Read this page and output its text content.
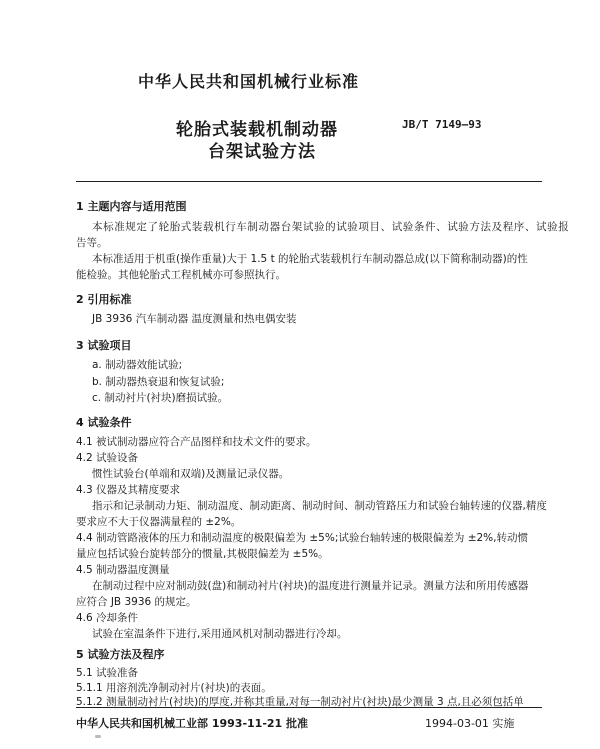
中华人民共和国机械行业标准
轮胎式装载机制动器
台架试验方法
JB/T 7149—93
1 主题内容与适用范围
本标准规定了轮胎式装载机行车制动器台架试验的试验项目、试验条件、试验方法及程序、试验报
告等。
本标准适用于机重(操作重量)大于 1.5 t 的轮胎式装载机行车制动器总成(以下简称制动器)的性
能检验。其他轮胎式工程机械亦可参照执行。
2 引用标准
JB 3936 汽车制动器 温度测量和热电偶安装
3 试验项目
a. 制动器效能试验;
b. 制动器热衰退和恢复试验;
c. 制动衬片(衬块)磨损试验。
4 试验条件
4.1 被试制动器应符合产品图样和技术文件的要求。
4.2 试验设备
惯性试验台(单端和双端)及测量记录仪器。
4.3 仪器及其精度要求
指示和记录制动力矩、制动温度、制动距离、制动时间、制动管路压力和试验台轴转速的仪器,精度
要求应不大于仪器满量程的 ±2%。
4.4 制动管路液体的压力和制动温度的极限偏差为 ±5%;试验台轴转速的极限偏差为 ±2%,转动惯
量应包括试验台旋转部分的惯量,其极限偏差为 ±5%。
4.5 制动器温度测量
在制动过程中应对制动鼓(盘)和制动衬片(衬块)的温度进行测量并记录。测量方法和所用传感器
应符合 JB 3936 的规定。
4.6 冷却条件
试验在室温条件下进行,采用通风机对制动器进行冷却。
5 试验方法及程序
5.1 试验准备
5.1.1 用溶剂洗净制动衬片(衬块)的表面。
5.1.2 测量制动衬片(衬块)的厚度,并称其重量,对每一制动衬片(衬块)最少测量 3 点,且必须包括单
中华人民共和国机械工业部 1993-11-21 批准	1994-03-01 实施
